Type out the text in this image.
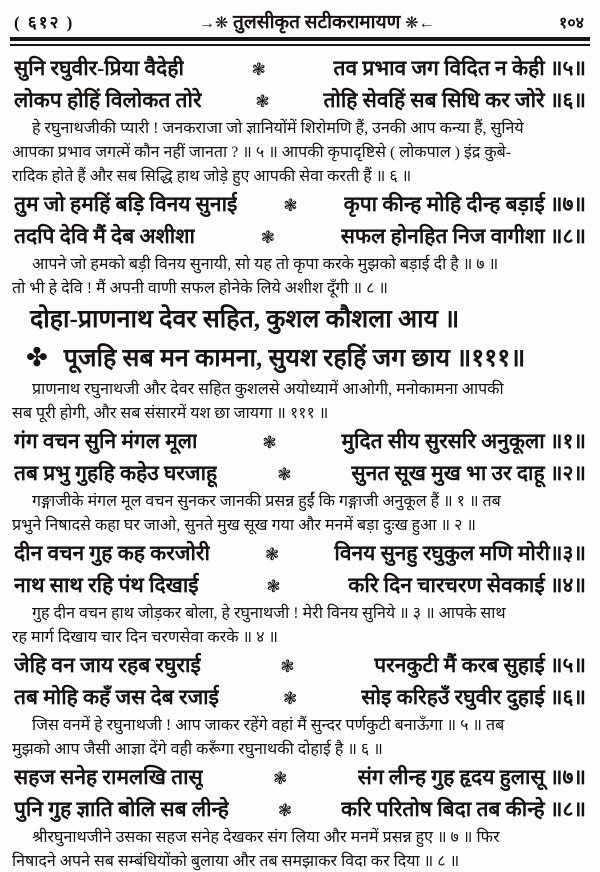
( ६१२ )	→❋ तुलसीकृत सटीकरामायण ❋←	१०४
सुनि रघुवीर-प्रिया वैदेही	❃	तव प्रभाव जग विदित न केही ॥५॥
लोकप होहिं विलोकत तोरे	❃	तोहि सेवहिं सब सिधि कर जोरे ॥६॥
हे रघुनाथजीकी प्यारी ! जनकराजा जो ज्ञानियोंमें शिरोमणि हैं, उनकी आप कन्या हैं, सुनिये
आपका प्रभाव जगत्में कौन नहीं जानता ? ॥ ५ ॥ आपकी कृपादृष्टिसे ( लोकपाल ) इंद्र कुबे-
रादिक होते हैं और सब सिद्धि हाथ जोड़े हुए आपकी सेवा करती हैं ॥ ६ ॥
तुम जो हमहिं बड़ि विनय सुनाई	❃	कृपा कीन्ह मोहि दीन्ह बड़ाई ॥७॥
तदपि देवि मैं देब अशीशा	❃	सफल होनहित निज वागीशा ॥८॥
आपने जो हमको बड़ी विनय सुनायी, सो यह तो कृपा करके मुझको बड़ाई दी है ॥ ७ ॥
तो भी हे देवि ! मैं अपनी वाणी सफल होनेके लिये अशीश दूँगी ॥ ८ ॥
दोहा-प्राणनाथ देवर सहित, कुशल कौशला आय ॥
✤ पूजहि सब मन कामना, सुयश रहहिं जग छाय ॥१११॥
प्राणनाथ रघुनाथजी और देवर सहित कुशलसे अयोध्यामें आओगी, मनोकामना आपकी
सब पूरी होगी, और सब संसारमें यश छा जायगा ॥ १११ ॥
गंग वचन सुनि मंगल मूला	❃	मुदित सीय सुरसरि अनुकूला ॥१॥
तब प्रभु गुहहि कहेउ घरजाहू	❃	सुनत सूख मुख भा उर दाहू ॥२॥
गङ्गाजीके मंगल मूल वचन सुनकर जानकी प्रसन्न हुईं कि गङ्गाजी अनुकूल हैं ॥ १ ॥ तब
प्रभुने निषादसे कहा घर जाओ, सुनते मुख सूख गया और मनमें बड़ा दुःख हुआ ॥ २ ॥
दीन वचन गुह कह करजोरी	❃	विनय सुनहु रघुकुल मणि मोरी॥३॥
नाथ साथ रहि पंथ दिखाई	❃	करि दिन चारचरण सेवकाई ॥४॥
गुह दीन वचन हाथ जोड़कर बोला, हे रघुनाथजी ! मेरी विनय सुनिये ॥ ३ ॥ आपके साथ
रह मार्ग दिखाय चार दिन चरणसेवा करके ॥ ४ ॥
जेहि वन जाय रहब रघुराई	❃	परनकुटी मैं करब सुहाई ॥५॥
तब मोहि कहँ जस देब रजाई	❃	सोइ करिहउँ रघुवीर दुहाई ॥६॥
जिस वनमें हे रघुनाथजी ! आप जाकर रहेंगे वहां मैं सुन्दर पर्णकुटी बनाऊँगा ॥ ५ ॥ तब
मुझको आप जैसी आज्ञा देंगे वही करूँगा रघुनाथकी दोहाई है ॥ ६ ॥
सहज सनेह रामलखि तासू	❃	संग लीन्ह गुह हृदय हुलासू ॥७॥
पुनि गुह ज्ञाति बोलि सब लीन्हे	❃	करि परितोष बिदा तब कीन्हे ॥८॥
श्रीरघुनाथजीने उसका सहज सनेह देखकर संग लिया और मनमें प्रसन्न हुए ॥ ७ ॥ फिर
निषादने अपने सब सम्बंधियोंको बुलाया और तब समझाकर विदा कर दिया ॥ ८ ॥
